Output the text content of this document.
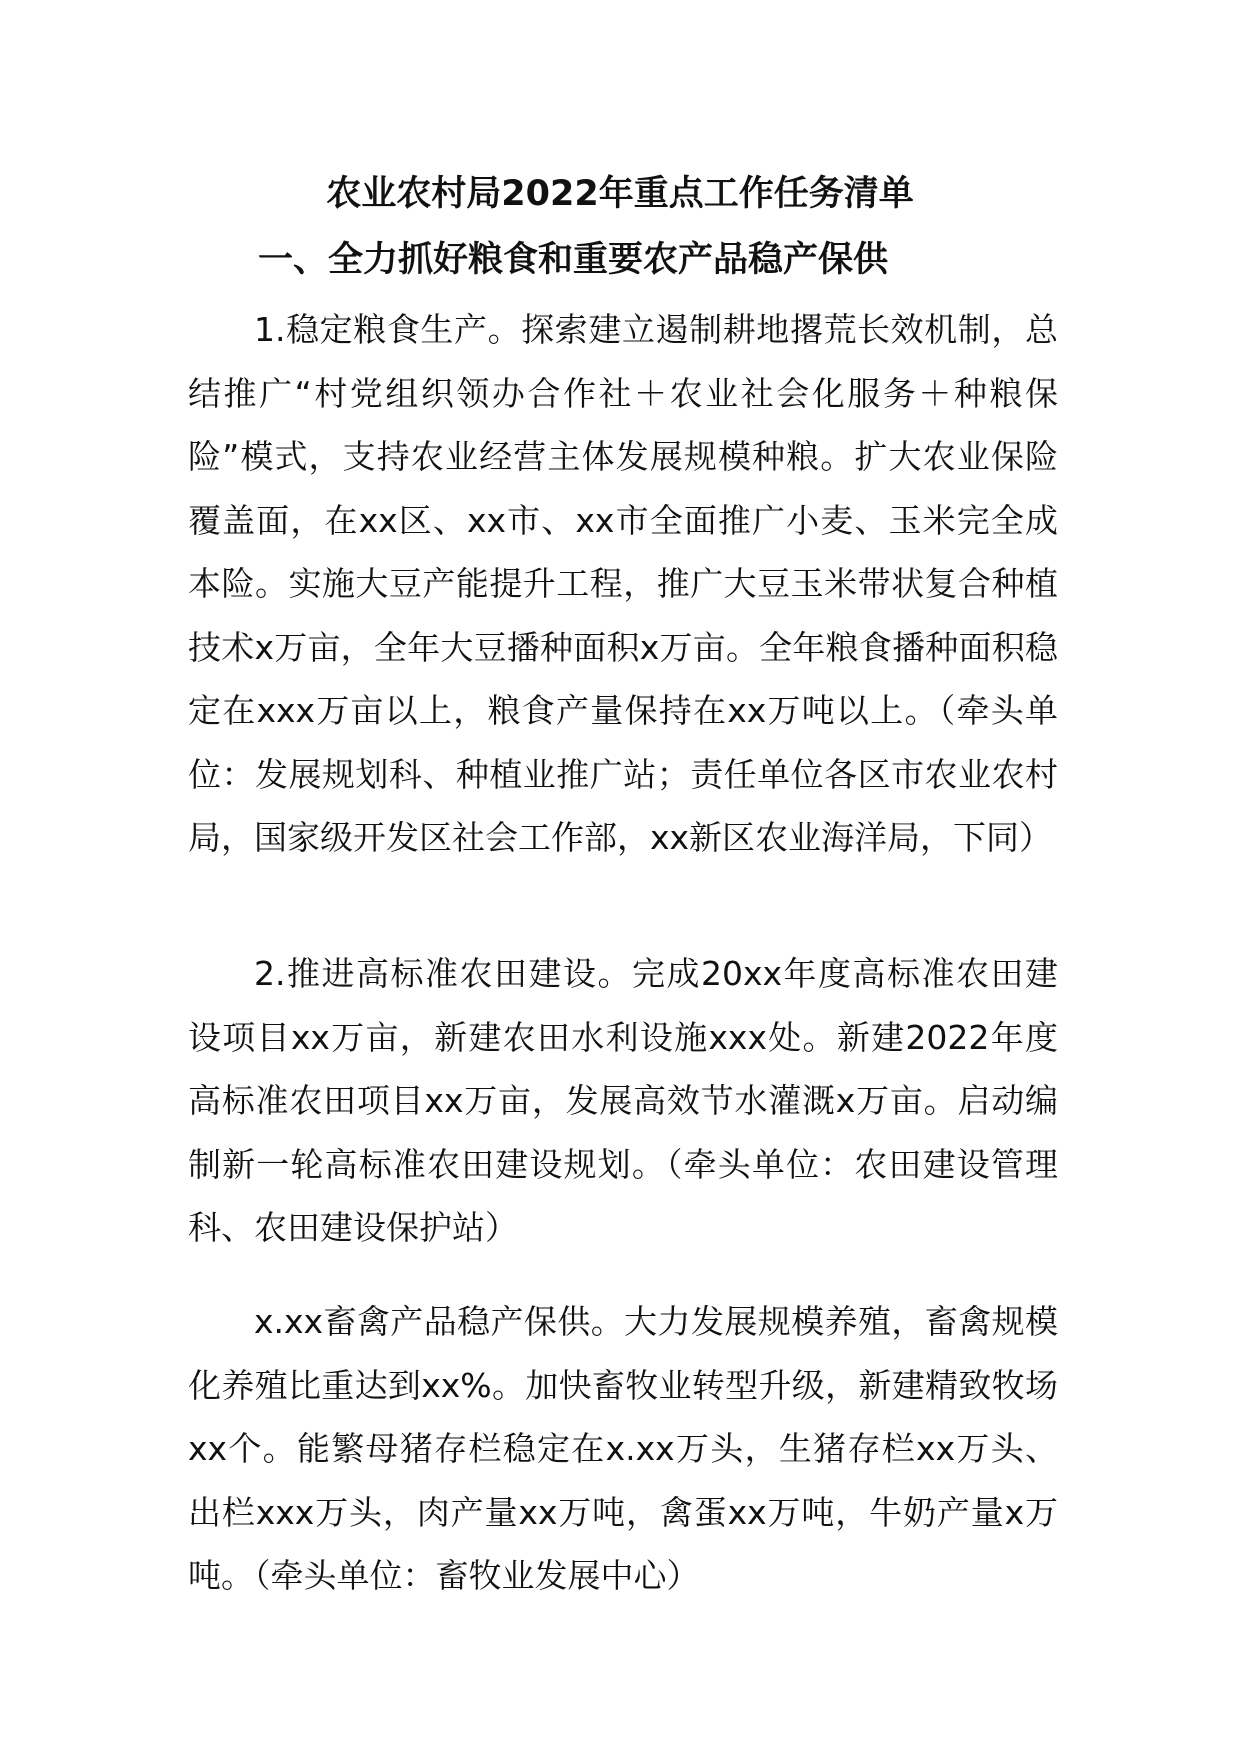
农业农村局2022年重点工作任务清单
一、全力抓好粮食和重要农产品稳产保供

1.稳定粮食生产。探索建立遏制耕地撂荒长效机制，总结推广“村党组织领办合作社＋农业社会化服务＋种粮保险”模式，支持农业经营主体发展规模种粮。扩大农业保险覆盖面，在xx区、xx市、xx市全面推广小麦、玉米完全成本险。实施大豆产能提升工程，推广大豆玉米带状复合种植技术x万亩，全年大豆播种面积x万亩。全年粮食播种面积稳定在xxx万亩以上，粮食产量保持在xx万吨以上。（牵头单位：发展规划科、种植业推广站；责任单位各区市农业农村局，国家级开发区社会工作部，xx新区农业海洋局，下同）

2.推进高标准农田建设。完成20xx年度高标准农田建设项目xx万亩，新建农田水利设施xxx处。新建2022年度高标准农田项目xx万亩，发展高效节水灌溉x万亩。启动编制新一轮高标准农田建设规划。（牵头单位：农田建设管理科、农田建设保护站）

x.xx畜禽产品稳产保供。大力发展规模养殖，畜禽规模化养殖比重达到xx%。加快畜牧业转型升级，新建精致牧场xx个。能繁母猪存栏稳定在x.xx万头，生猪存栏xx万头、出栏xxx万头，肉产量xx万吨，禽蛋xx万吨，牛奶产量x万吨。（牵头单位：畜牧业发展中心）
